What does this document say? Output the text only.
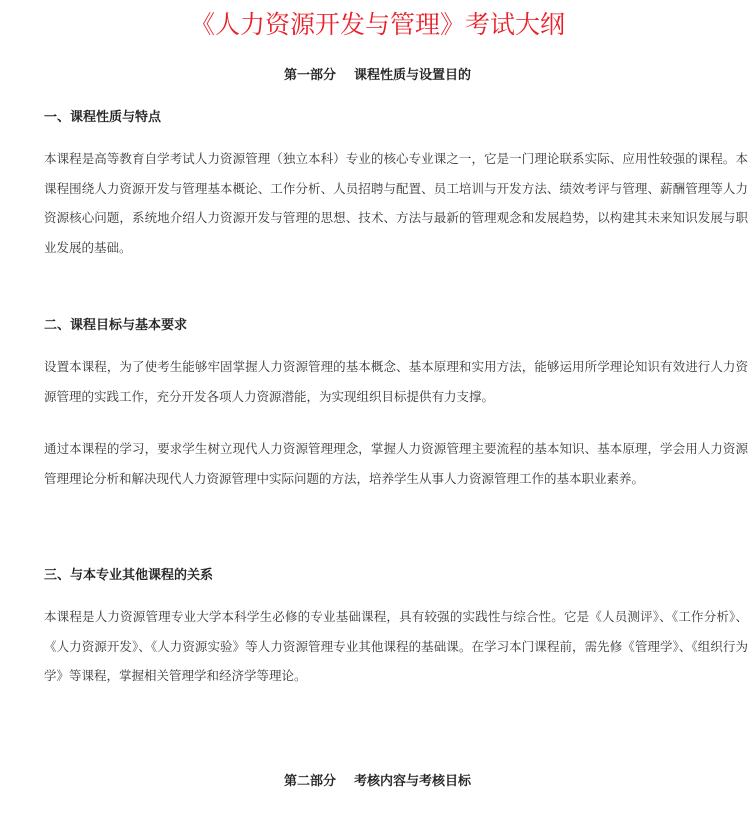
《人力资源开发与管理》考试大纲
第一部分    课程性质与设置目的
一、课程性质与特点

本课程是高等教育自学考试人力资源管理（独立本科）专业的核心专业课之一，它是一门理论联系实际、应用性较强的课程。本课程围绕人力资源开发与管理基本概论、工作分析、人员招聘与配置、员工培训与开发方法、绩效考评与管理、薪酬管理等人力资源核心问题，系统地介绍人力资源开发与管理的思想、技术、方法与最新的管理观念和发展趋势，以构建其未来知识发展与职业发展的基础。

二、课程目标与基本要求

设置本课程，为了使考生能够牢固掌握人力资源管理的基本概念、基本原理和实用方法，能够运用所学理论知识有效进行人力资源管理的实践工作，充分开发各项人力资源潜能，为实现组织目标提供有力支撑。

通过本课程的学习，要求学生树立现代人力资源管理理念，掌握人力资源管理主要流程的基本知识、基本原理，学会用人力资源管理理论分析和解决现代人力资源管理中实际问题的方法，培养学生从事人力资源管理工作的基本职业素养。

三、与本专业其他课程的关系

本课程是人力资源管理专业大学本科学生必修的专业基础课程，具有较强的实践性与综合性。它是《人员测评》、《工作分析》、《人力资源开发》、《人力资源实验》等人力资源管理专业其他课程的基础课。在学习本门课程前，需先修《管理学》、《组织行为学》等课程，掌握相关管理学和经济学等理论。

第二部分    考核内容与考核目标
